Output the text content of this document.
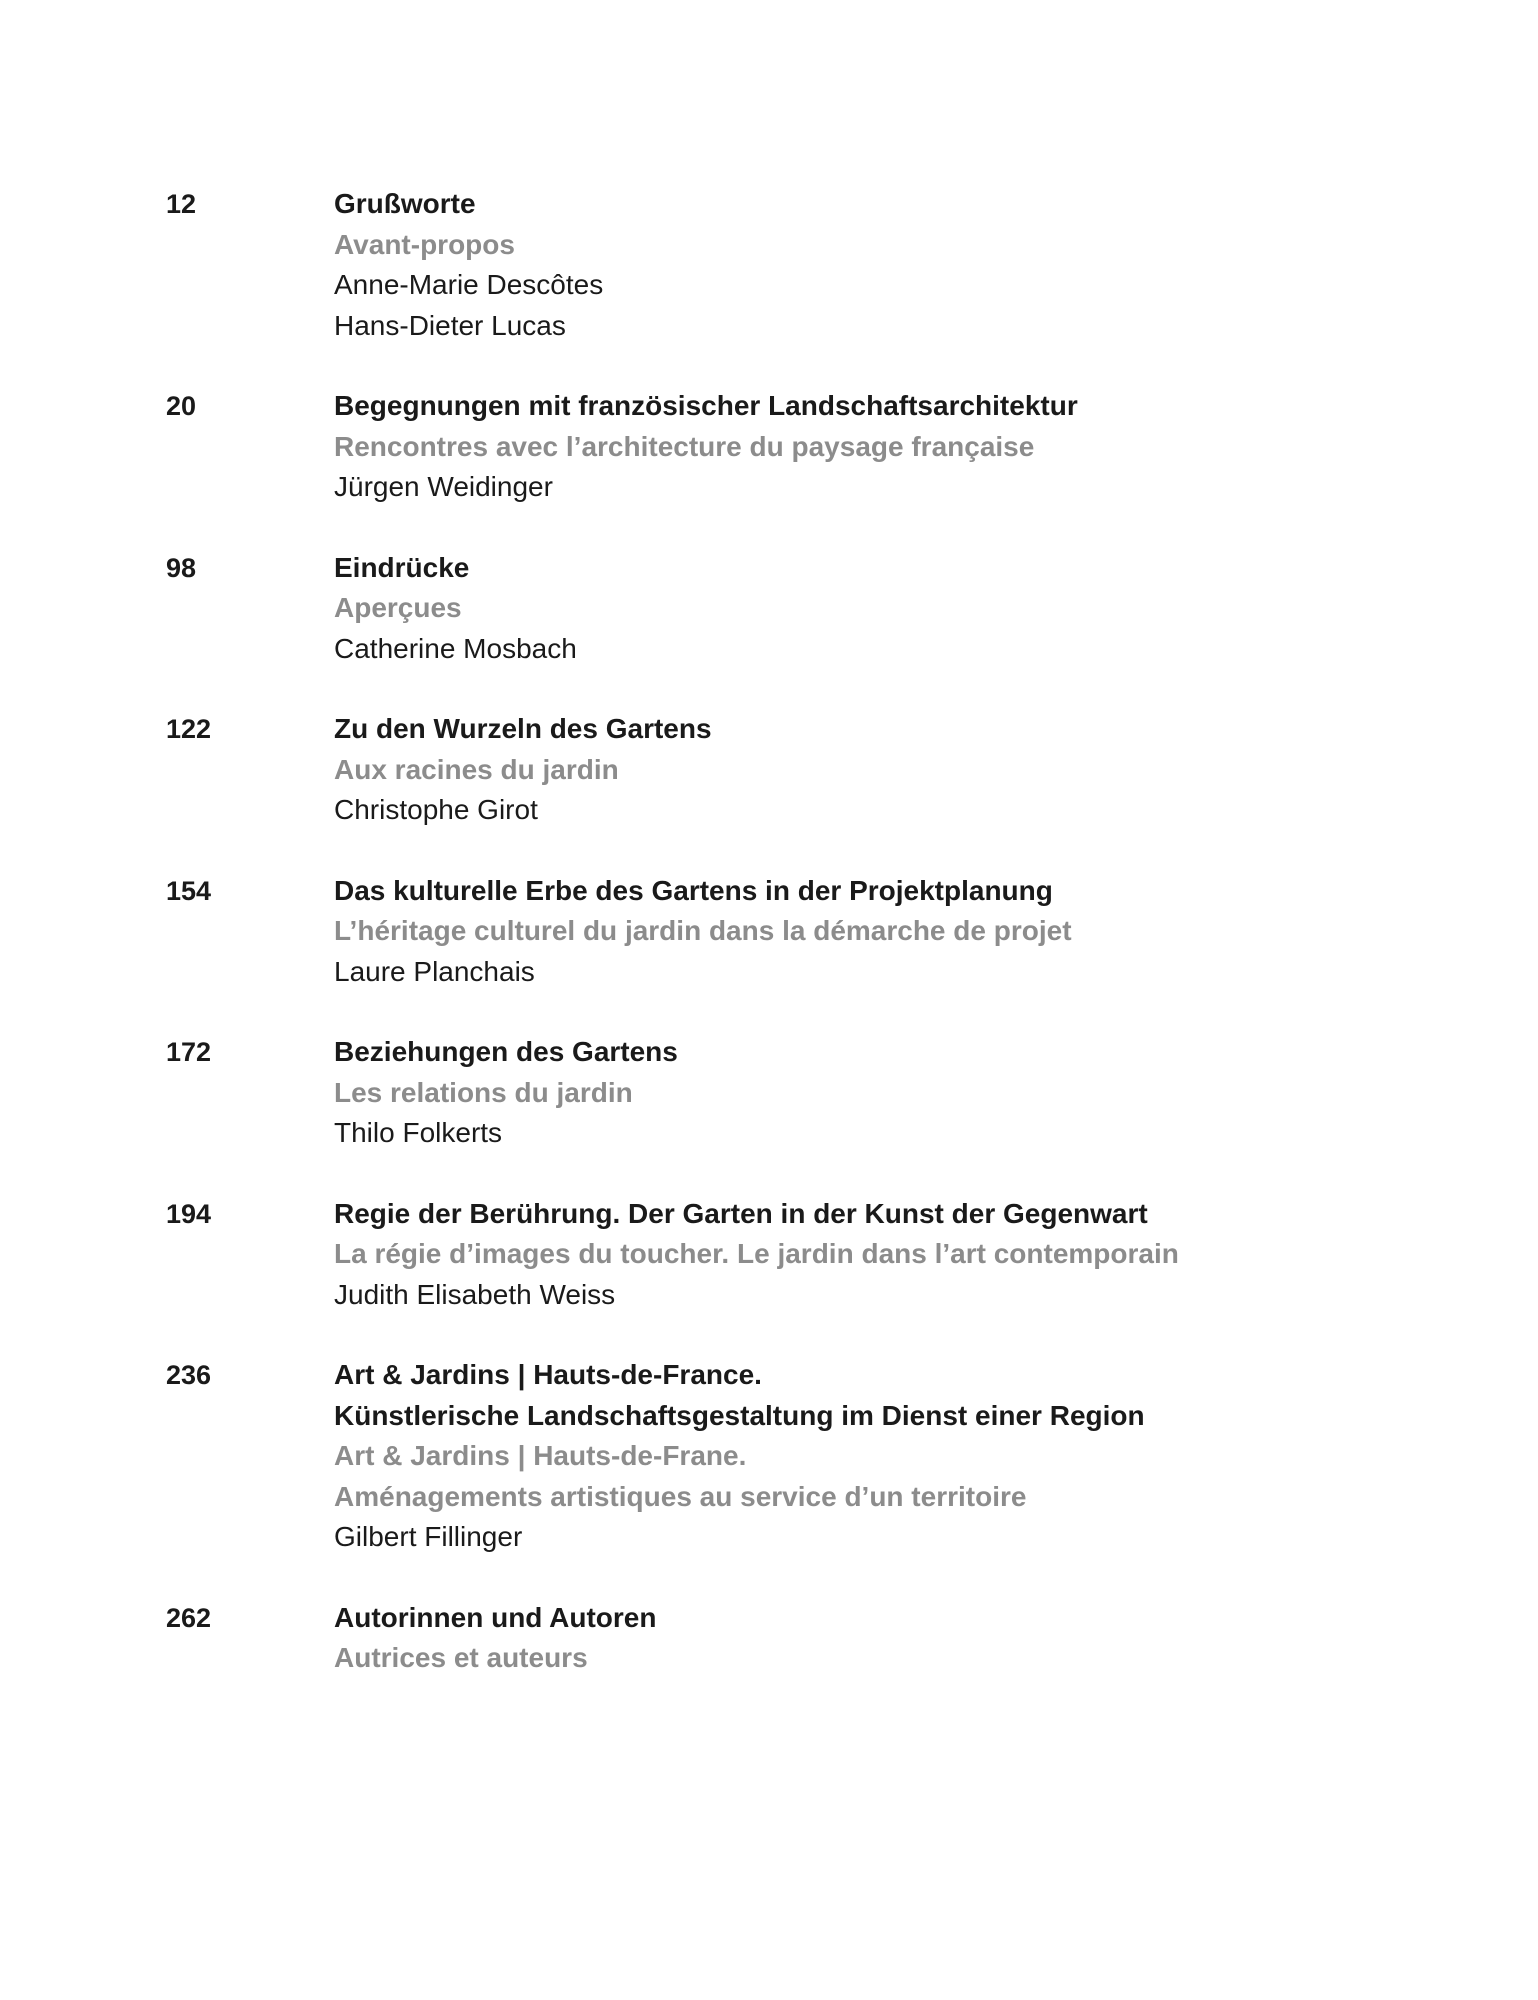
12	Grußworte
Avant-propos
Anne-Marie Descôtes
Hans-Dieter Lucas
20	Begegnungen mit französischer Landschaftsarchitektur
Rencontres avec l’architecture du paysage française
Jürgen Weidinger
98	Eindrücke
Aperçues
Catherine Mosbach
122	Zu den Wurzeln des Gartens
Aux racines du jardin
Christophe Girot
154	Das kulturelle Erbe des Gartens in der Projektplanung
L’héritage culturel du jardin dans la démarche de projet
Laure Planchais
172	Beziehungen des Gartens
Les relations du jardin
Thilo Folkerts
194	Regie der Berührung. Der Garten in der Kunst der Gegenwart
La régie d’images du toucher. Le jardin dans l’art contemporain
Judith Elisabeth Weiss
236	Art & Jardins | Hauts-de-France.
Künstlerische Landschaftsgestaltung im Dienst einer Region
Art & Jardins | Hauts-de-Frane.
Aménagements artistiques au service d’un territoire
Gilbert Fillinger
262	Autorinnen und Autoren
Autrices et auteurs
